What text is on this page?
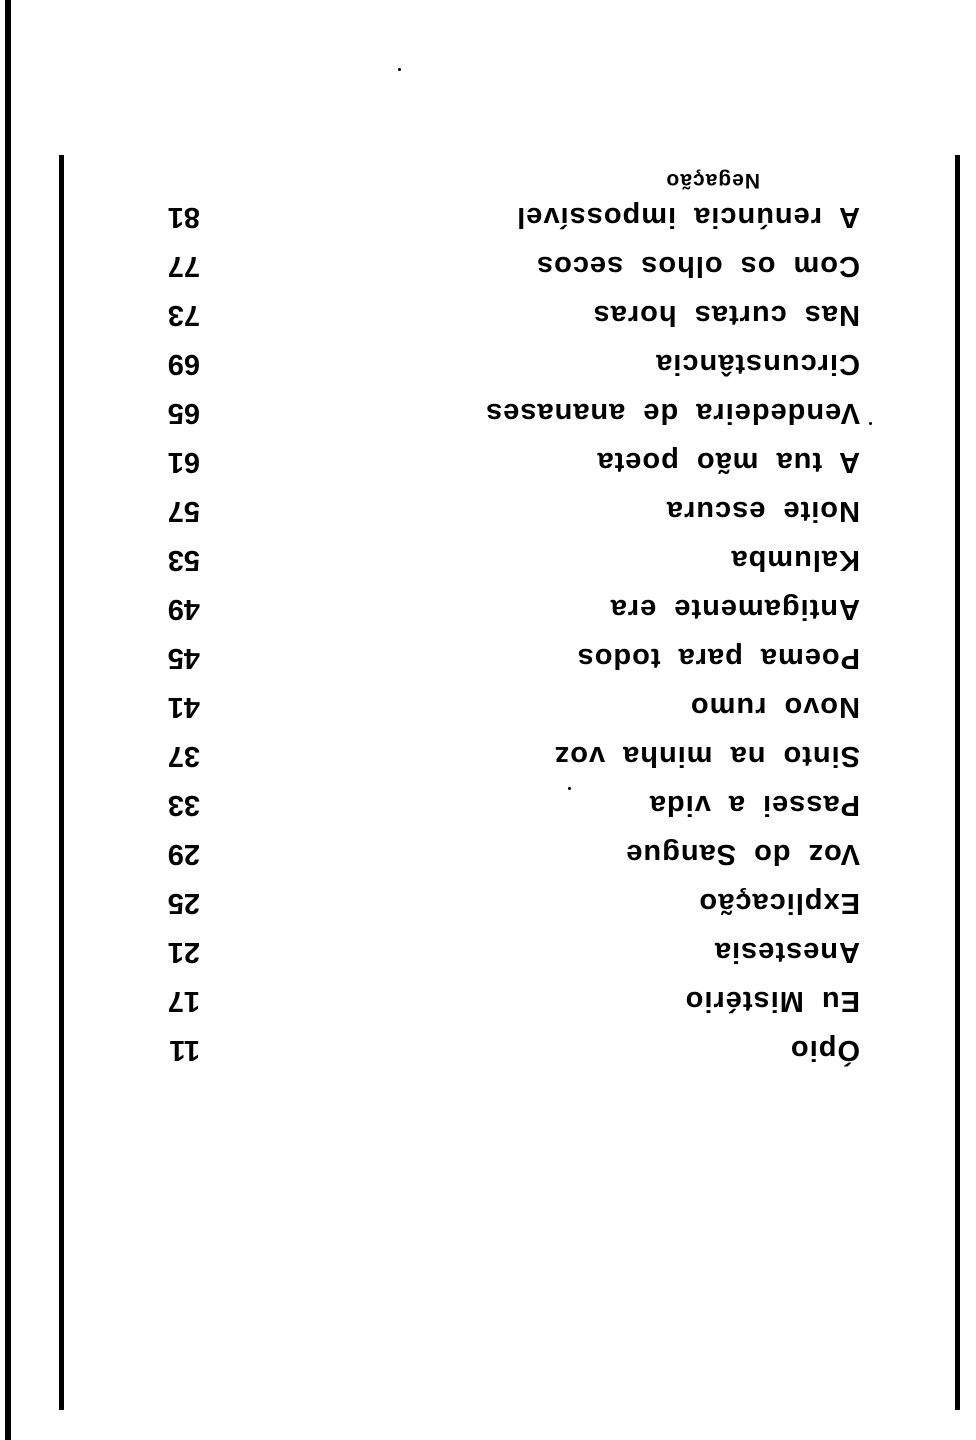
Ópio
11
Eu Mistério
17
Anestesia
21
Explicação
25
Voz do Sangue
29
Passei a vida
33
Sinto na minha voz
37
Novo rumo
41
Poema para todos
45
Antigamente era
49
Kalumba
53
Noite escura
57
A tua mão poeta
61
Vendedeira de ananases
65
Circunstância
69
Nas curtas horas
73
Com os olhos secos
77
A renúncia impossível
81
Negação
